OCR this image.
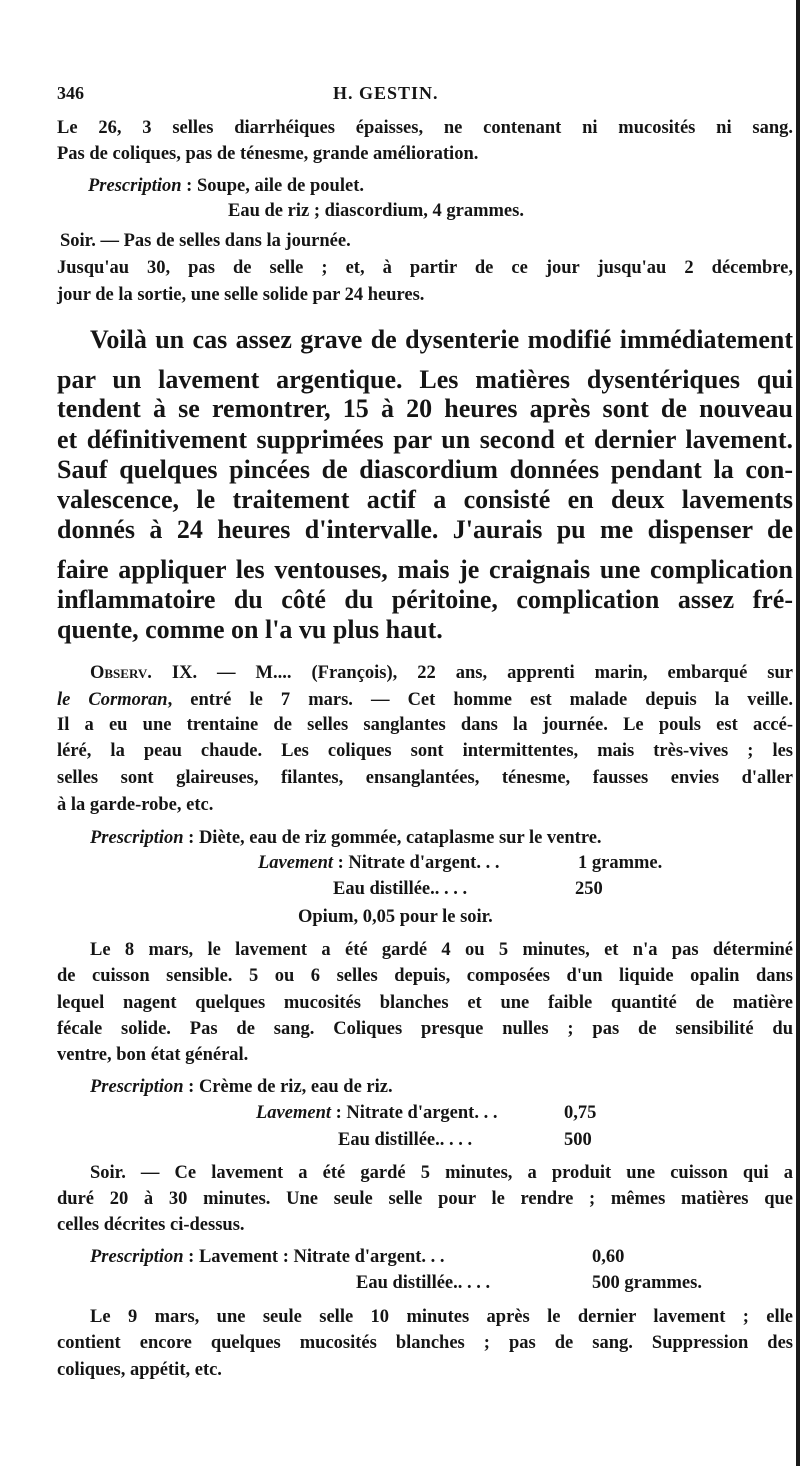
346	H. GESTIN.
Le 26, 3 selles diarrhéiques épaisses, ne contenant ni mucosités ni sang.
Pas de coliques, pas de ténesme, grande amélioration.
Prescription : Soupe, aile de poulet.
Eau de riz ; diascordium, 4 grammes.
Soir. — Pas de selles dans la journée.
Jusqu'au 30, pas de selle ; et, à partir de ce jour jusqu'au 2 décembre,
jour de la sortie, une selle solide par 24 heures.
Voilà un cas assez grave de dysenterie modifié immédiatement
par un lavement argentique. Les matières dysentériques qui
tendent à se remontrer, 15 à 20 heures après sont de nouveau
et définitivement supprimées par un second et dernier lavement.
Sauf quelques pincées de diascordium données pendant la con-
valescence, le traitement actif a consisté en deux lavements
donnés à 24 heures d'intervalle. J'aurais pu me dispenser de
faire appliquer les ventouses, mais je craignais une complication
inflammatoire du côté du péritoine, complication assez fré-
quente, comme on l'a vu plus haut.
Observ. IX. — M.... (François), 22 ans, apprenti marin, embarqué sur
le Cormoran, entré le 7 mars. — Cet homme est malade depuis la veille.
Il a eu une trentaine de selles sanglantes dans la journée. Le pouls est accé-
léré, la peau chaude. Les coliques sont intermittentes, mais très-vives ; les
selles sont glaireuses, filantes, ensanglantées, ténesme, fausses envies d'aller
à la garde-robe, etc.
Prescription : Diète, eau de riz gommée, cataplasme sur le ventre.
Lavement : Nitrate d'argent. . .	1 gramme.
Eau distillée.. . . .	250
Opium, 0,05 pour le soir.
Le 8 mars, le lavement a été gardé 4 ou 5 minutes, et n'a pas déterminé
de cuisson sensible. 5 ou 6 selles depuis, composées d'un liquide opalin dans
lequel nagent quelques mucosités blanches et une faible quantité de matière
fécale solide. Pas de sang. Coliques presque nulles ; pas de sensibilité du
ventre, bon état général.
Prescription : Crème de riz, eau de riz.
Lavement : Nitrate d'argent. . .	0,75
Eau distillée.. . . .	500
Soir. — Ce lavement a été gardé 5 minutes, a produit une cuisson qui a
duré 20 à 30 minutes. Une seule selle pour le rendre ; mêmes matières que
celles décrites ci-dessus.
Prescription : Lavement : Nitrate d'argent. . .	0,60
Eau distillée.. . . .	500 grammes.
Le 9 mars, une seule selle 10 minutes après le dernier lavement ; elle
contient encore quelques mucosités blanches ; pas de sang. Suppression des
coliques, appétit, etc.
